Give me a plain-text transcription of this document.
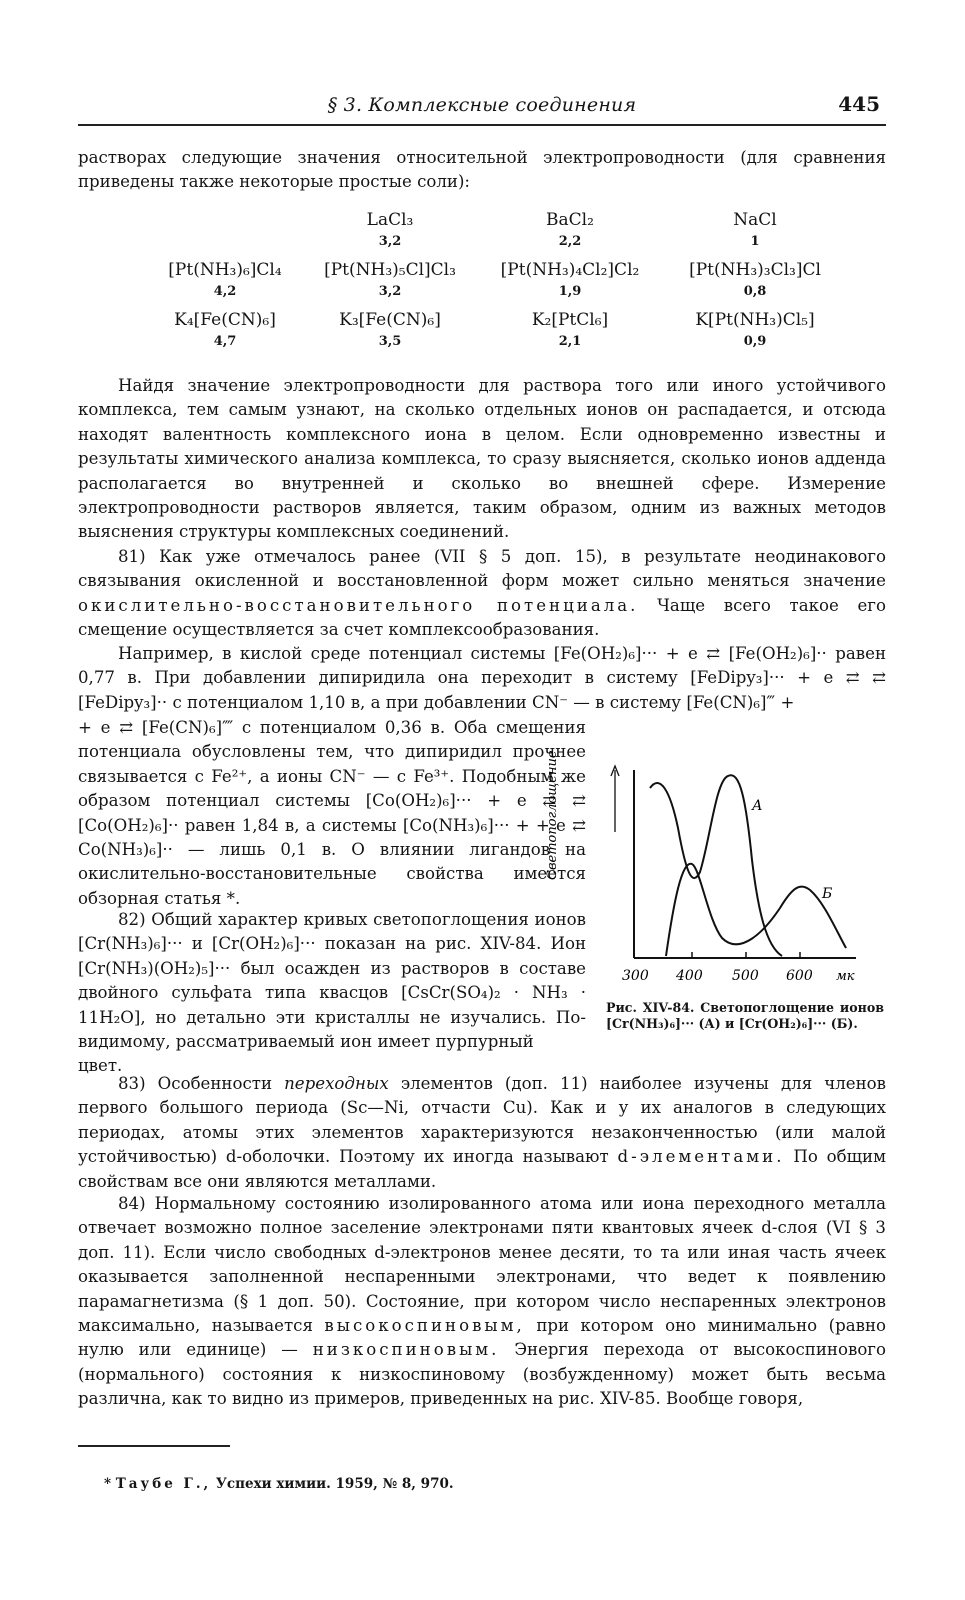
§ 3. Комплексные соединения	445
растворах следующие значения относительной электропроводности (для сравнения приведены также некоторые простые соли):
LaCl₃	BaCl₂	NaCl
3,2	2,2	1
[Pt(NH₃)₆]Cl₄	[Pt(NH₃)₅Cl]Cl₃	[Pt(NH₃)₄Cl₂]Cl₂	[Pt(NH₃)₃Cl₃]Cl
4,2	3,2	1,9	0,8
K₄[Fe(CN)₆]	K₃[Fe(CN)₆]	K₂[PtCl₆]	K[Pt(NH₃)Cl₅]
4,7	3,5	2,1	0,9
Найдя значение электропроводности для раствора того или иного устойчивого комплекса, тем самым узнают, на сколько отдельных ионов он распадается, и отсюда находят валентность комплексного иона в целом. Если одновременно известны и результаты химического анализа комплекса, то сразу выясняется, сколько ионов аддендa располагается во внутренней и сколько во внешней сфере. Измерение электропроводности растворов является, таким образом, одним из важных методов выяснения структуры комплексных соединений.
81) Как уже отмечалось ранее (VII § 5 доп. 15), в результате неодинакового связывания окисленной и восстановленной форм может сильно меняться значение окислительно-восстановительного потенциала. Чаще всего такое его смещение осуществляется за счет комплексообразования.
Например, в кислой среде потенциал системы [Fe(OH₂)₆]··· + e ⇄ [Fe(OH₂)₆]·· равен 0,77 в. При добавлении дипиридила она переходит в систему [FeDipy₃]··· + e ⇄ ⇄ [FeDipy₃]·· с потенциалом 1,10 в, а при добавлении CN⁻ — в систему [Fe(CN)₆]‴ +
+ e ⇄ [Fe(CN)₆]⁗ с потенциалом 0,36 в. Оба смещения потенциала обусловлены тем, что дипиридил прочнее связывается с Fe²⁺, а ионы CN⁻ — с Fe³⁺. Подобным же образом потенциал системы [Co(OH₂)₆]··· + e ⇄ ⇄ [Co(OH₂)₆]·· равен 1,84 в, а системы [Co(NH₃)₆]··· + + e ⇄ Co(NH₃)₆]·· — лишь 0,1 в. О влиянии лигандов на окислительно-восстановительные свойства имеется обзорная статья *.
82) Общий характер кривых светопоглощения ионов [Cr(NH₃)₆]··· и [Cr(OH₂)₆]··· показан на рис. XIV-84. Ион [Cr(NH₃)(OH₂)₅]··· был осажден из растворов в составе двойного сульфата типа квасцов [CsCr(SO₄)₂ · NH₃ · 11H₂O], но детально эти кристаллы не изучались. По-видимому, рассматриваемый ион имеет пурпурный
цвет.
Светопоглощение	А
Б
300 400 500 600 мк
Рис. XIV-84. Светопоглощение ионов [Cr(NH₃)₆]··· (А) и [Cr(OH₂)₆]··· (Б).
83) Особенности переходных элементов (доп. 11) наиболее изучены для членов первого большого периода (Sc—Ni, отчасти Cu). Как и у их аналогов в следующих периодах, атомы этих элементов характеризуются незаконченностью (или малой устойчивостью) d-оболочки. Поэтому их иногда называют d-элементами. По общим свойствам все они являются металлами.
84) Нормальному состоянию изолированного атома или иона переходного металла отвечает возможно полное заселение электронами пяти квантовых ячеек d-слоя (VI § 3 доп. 11). Если число свободных d-электронов менее десяти, то та или иная часть ячеек оказывается заполненной неспаренными электронами, что ведет к появлению парамагнетизма (§ 1 доп. 50). Состояние, при котором число неспаренных электронов максимально, называется высокоспиновым, при котором оно минимально (равно нулю или единице) — низкоспиновым. Энергия перехода от высокоспинового (нормального) состояния к низкоспиновому (возбужденному) может быть весьма различна, как то видно из примеров, приведенных на рис. XIV-85. Вообще говоря,
* Таубе Г., Успехи химии. 1959, № 8, 970.
